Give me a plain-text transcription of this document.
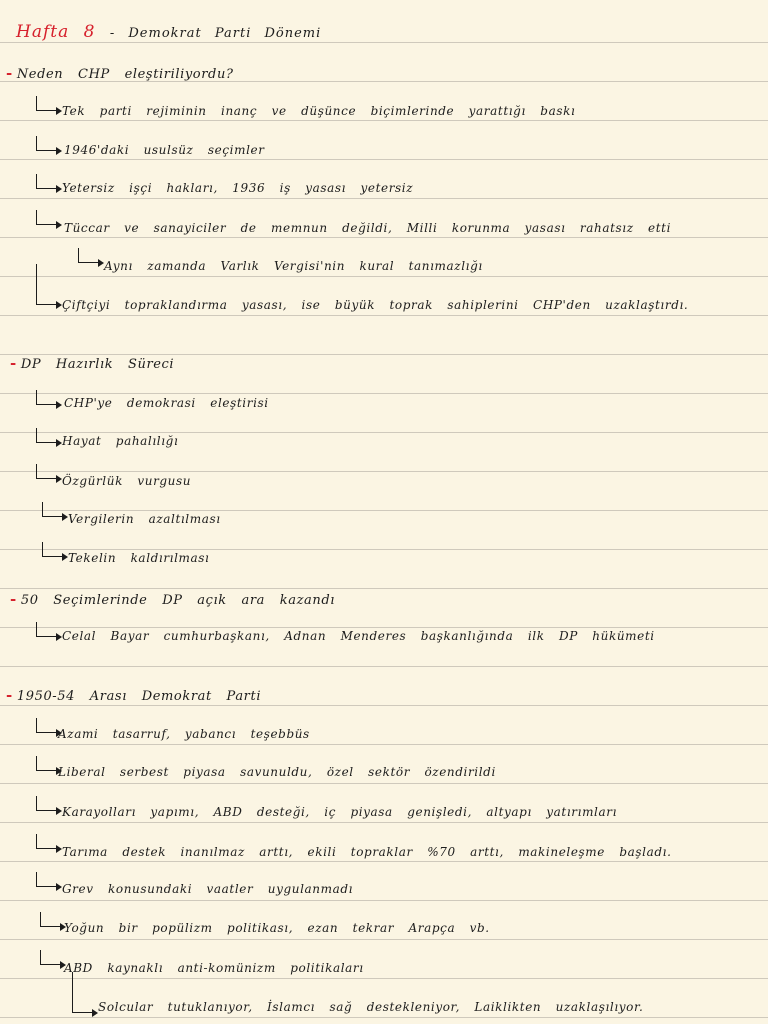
Hafta 8 - Demokrat Parti Dönemi
- Neden CHP eleştiriliyordu?
Tek parti rejiminin inanç ve düşünce biçimlerinde yarattığı baskı
1946'daki usulsüz seçimler
Yetersiz işçi hakları, 1936 iş yasası yetersiz
Tüccar ve sanayiciler de memnun değildi, Milli korunma yasası rahatsız etti
Aynı zamanda Varlık Vergisi'nin kural tanımazlığı
Çiftçiyi topraklandırma yasası, ise büyük toprak sahiplerini CHP'den uzaklaştırdı.
- DP Hazırlık Süreci
CHP'ye demokrasi eleştirisi
Hayat pahalılığı
Özgürlük vurgusu
Vergilerin azaltılması
Tekelin kaldırılması
- 50 Seçimlerinde DP açık ara kazandı
Celal Bayar cumhurbaşkanı, Adnan Menderes başkanlığında ilk DP hükümeti
- 1950-54 Arası Demokrat Parti
Azami tasarruf, yabancı teşebbüs
Liberal serbest piyasa savunuldu, özel sektör özendirildi
Karayolları yapımı, ABD desteği, iç piyasa genişledi, altyapı yatırımları
Tarıma destek inanılmaz arttı, ekili topraklar %70 arttı, makineleşme başladı.
Grev konusundaki vaatler uygulanmadı
Yoğun bir popülizm politikası, ezan tekrar Arapça vb.
ABD kaynaklı anti-komünizm politikaları
Solcular tutuklanıyor, İslamcı sağ destekleniyor, Laiklikten uzaklaşılıyor.
